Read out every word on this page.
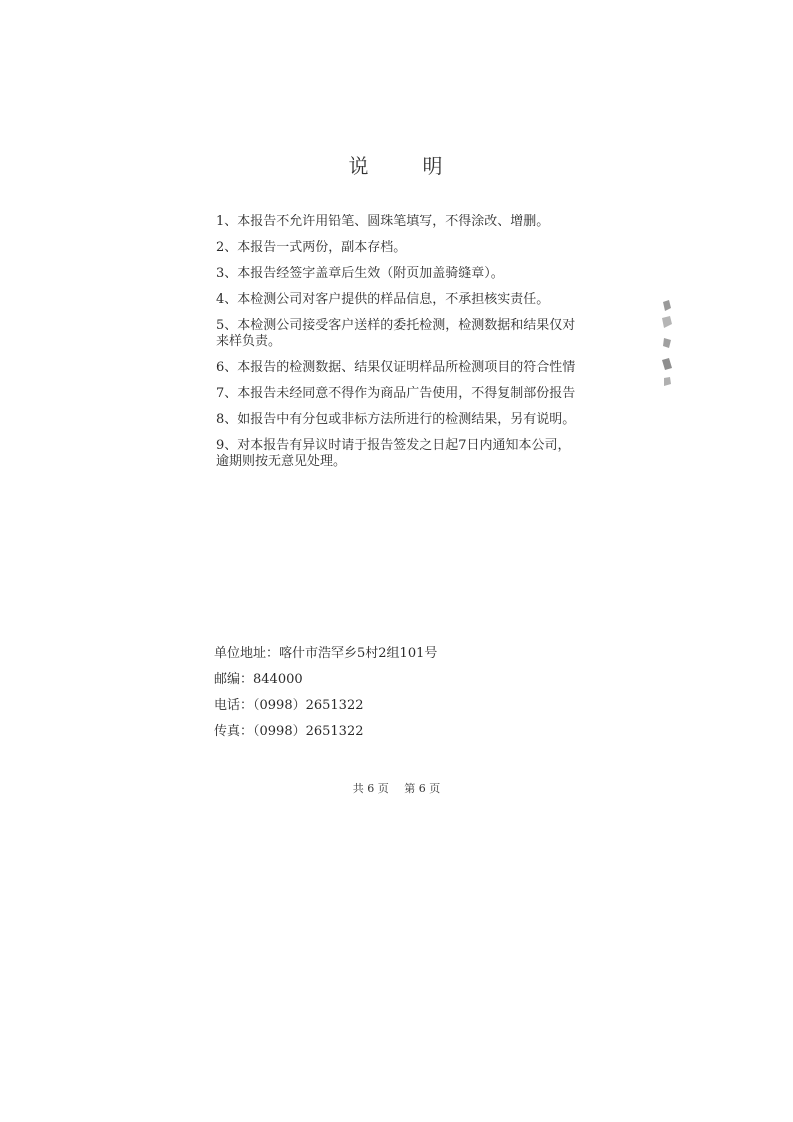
说	明
1、本报告不允许用铅笔、圆珠笔填写，不得涂改、增删。
2、本报告一式两份，副本存档。
3、本报告经签字盖章后生效（附页加盖骑缝章）。
4、本检测公司对客户提供的样品信息，不承担核实责任。
5、本检测公司接受客户送样的委托检测，检测数据和结果仅对来样负责。
6、本报告的检测数据、结果仅证明样品所检测项目的符合性情
7、本报告未经同意不得作为商品广告使用，不得复制部份报告
8、如报告中有分包或非标方法所进行的检测结果，另有说明。
9、对本报告有异议时请于报告签发之日起7日内通知本公司，逾期则按无意见处理。
单位地址：喀什市浩罕乡5村2组101号
邮编：844000
电话：（0998）2651322
传真：（0998）2651322
共 6 页 第 6 页
